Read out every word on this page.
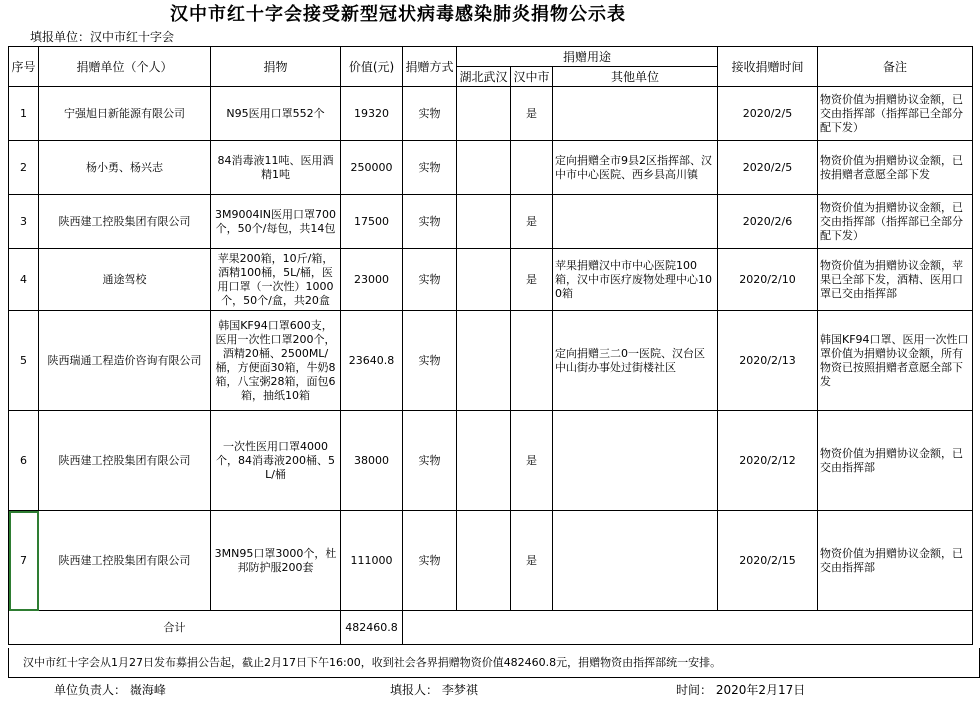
汉中市红十字会接受新型冠状病毒感染肺炎捐物公示表
填报单位：汉中市红十字会
序号	捐赠单位（个人）	捐物	价值(元)	捐赠方式	捐赠用途			接收捐赠时间	备注
					湖北武汉	汉中市	其他单位		
1	宁强旭日新能源有限公司	N95医用口罩552个	19320	实物		是		2020/2/5	物资价值为捐赠协议金额，已交由指挥部（指挥部已全部分配下发）
2	杨小勇、杨兴志	84消毒液11吨、医用酒精1吨	250000	实物			定向捐赠全市9县2区指挥部、汉中市中心医院、西乡县高川镇	2020/2/5	物资价值为捐赠协议金额，已按捐赠者意愿全部下发
3	陕西建工控股集团有限公司	3M9004IN医用口罩700个，50个/每包，共14包	17500	实物		是		2020/2/6	物资价值为捐赠协议金额，已交由指挥部（指挥部已全部分配下发）
4	通途驾校	苹果200箱，10斤/箱，酒精100桶，5L/桶，医用口罩（一次性）1000个，50个/盒，共20盒	23000	实物		是	苹果捐赠汉中市中心医院100箱，汉中市医疗废物处理中心100箱	2020/2/10	物资价值为捐赠协议金额，苹果已全部下发，酒精、医用口罩已交由指挥部
5	陕西瑞通工程造价咨询有限公司	韩国KF94口罩600支，医用一次性口罩200个，酒精20桶、2500ML/桶，方便面30箱，牛奶8箱，八宝粥28箱，面包6箱，抽纸10箱	23640.8	实物			定向捐赠三二0一医院、汉台区中山街办事处过街楼社区	2020/2/13	韩国KF94口罩、医用一次性口罩价值为捐赠协议金额，所有物资已按照捐赠者意愿全部下发
6	陕西建工控股集团有限公司	一次性医用口罩4000个，84消毒液200桶、5L/桶	38000	实物		是		2020/2/12	物资价值为捐赠协议金额，已交由指挥部
7	陕西建工控股集团有限公司	3MN95口罩3000个，杜邦防护服200套	111000	实物		是		2020/2/15	物资价值为捐赠协议金额，已交由指挥部
合计			482460.8						
汉中市红十字会从1月27日发布募捐公告起，截止2月17日下午16:00，收到社会各界捐赠物资价值482460.8元，捐赠物资由指挥部统一安排。
单位负责人： 嶶海峰	填报人： 李梦祺	时间： 2020年2月17日
